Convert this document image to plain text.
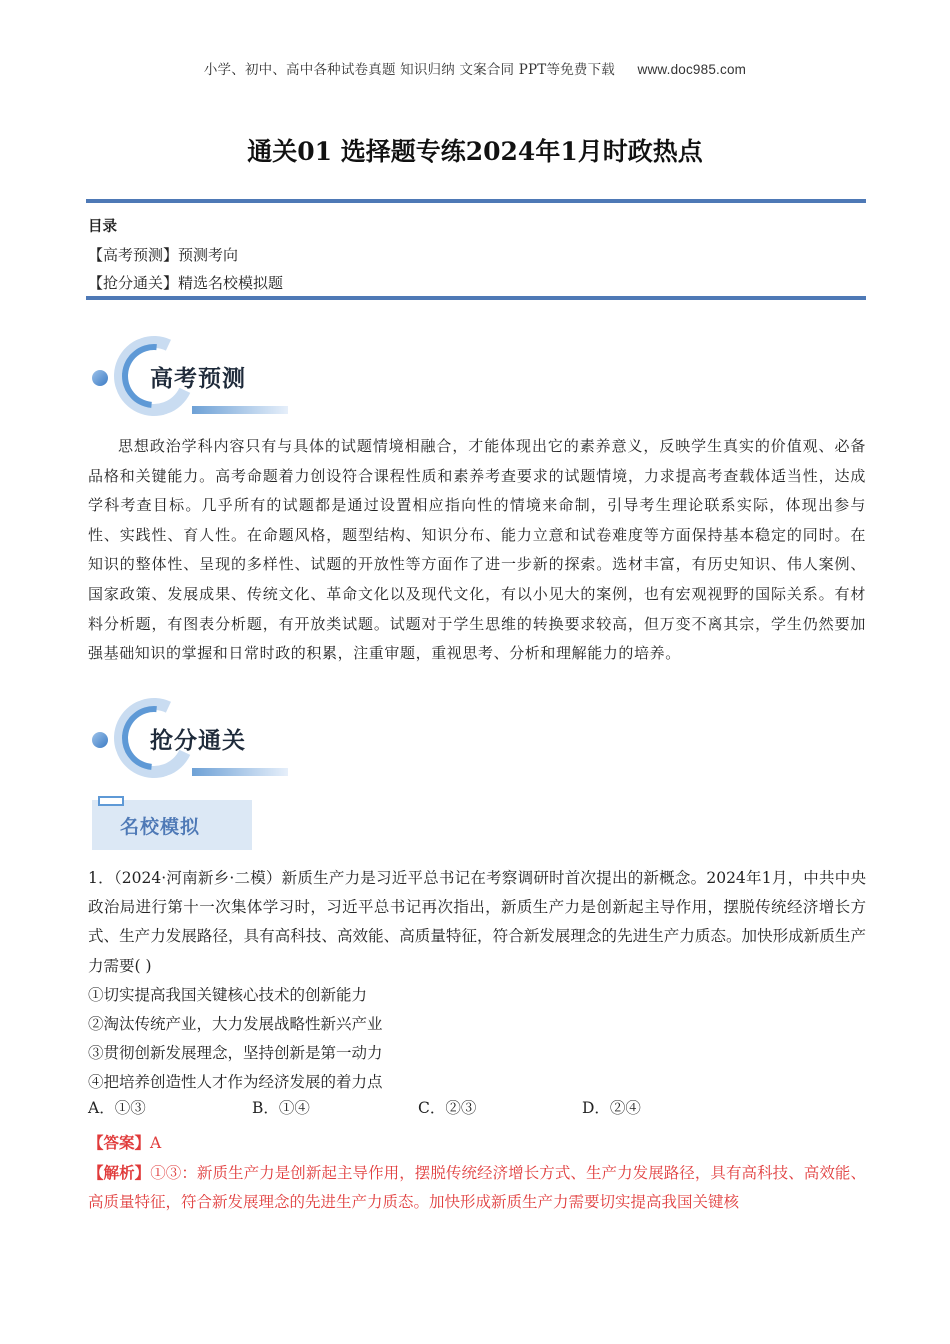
小学、初中、高中各种试卷真题 知识归纳 文案合同 PPT等免费下载 www.doc985.com
通关01 选择题专练2024年1月时政热点
目录
【高考预测】预测考向
【抢分通关】精选名校模拟题
高考预测

思想政治学科内容只有与具体的试题情境相融合，才能体现出它的素养意义，反映学生真实的价值观、必备品格和关键能力。高考命题着力创设符合课程性质和素养考查要求的试题情境，力求提高考查载体适当性，达成学科考查目标。几乎所有的试题都是通过设置相应指向性的情境来命制，引导考生理论联系实际，体现出参与性、实践性、育人性。在命题风格，题型结构、知识分布、能力立意和试卷难度等方面保持基本稳定的同时。在知识的整体性、呈现的多样性、试题的开放性等方面作了进一步新的探索。选材丰富，有历史知识、伟人案例、国家政策、发展成果、传统文化、革命文化以及现代文化，有以小见大的案例，也有宏观视野的国际关系。有材料分析题，有图表分析题，有开放类试题。试题对于学生思维的转换要求较高，但万变不离其宗，学生仍然要加强基础知识的掌握和日常时政的积累，注重审题，重视思考、分析和理解能力的培养。

抢分通关
名校模拟

1．（2024·河南新乡·二模）新质生产力是习近平总书记在考察调研时首次提出的新概念。2024年1月，中共中央政治局进行第十一次集体学习时，习近平总书记再次指出，新质生产力是创新起主导作用，摆脱传统经济增长方式、生产力发展路径，具有高科技、高效能、高质量特征，符合新发展理念的先进生产力质态。加快形成新质生产力需要( )

①切实提高我国关键核心技术的创新能力

②淘汰传统产业，大力发展战略性新兴产业

③贯彻创新发展理念，坚持创新是第一动力

④把培养创造性人才作为经济发展的着力点

A．①③	B．①④	C．②③	D．②④

【答案】A

【解析】①③：新质生产力是创新起主导作用，摆脱传统经济增长方式、生产力发展路径，具有高科技、高效能、高质量特征，符合新发展理念的先进生产力质态。加快形成新质生产力需要切实提高我国关键核
